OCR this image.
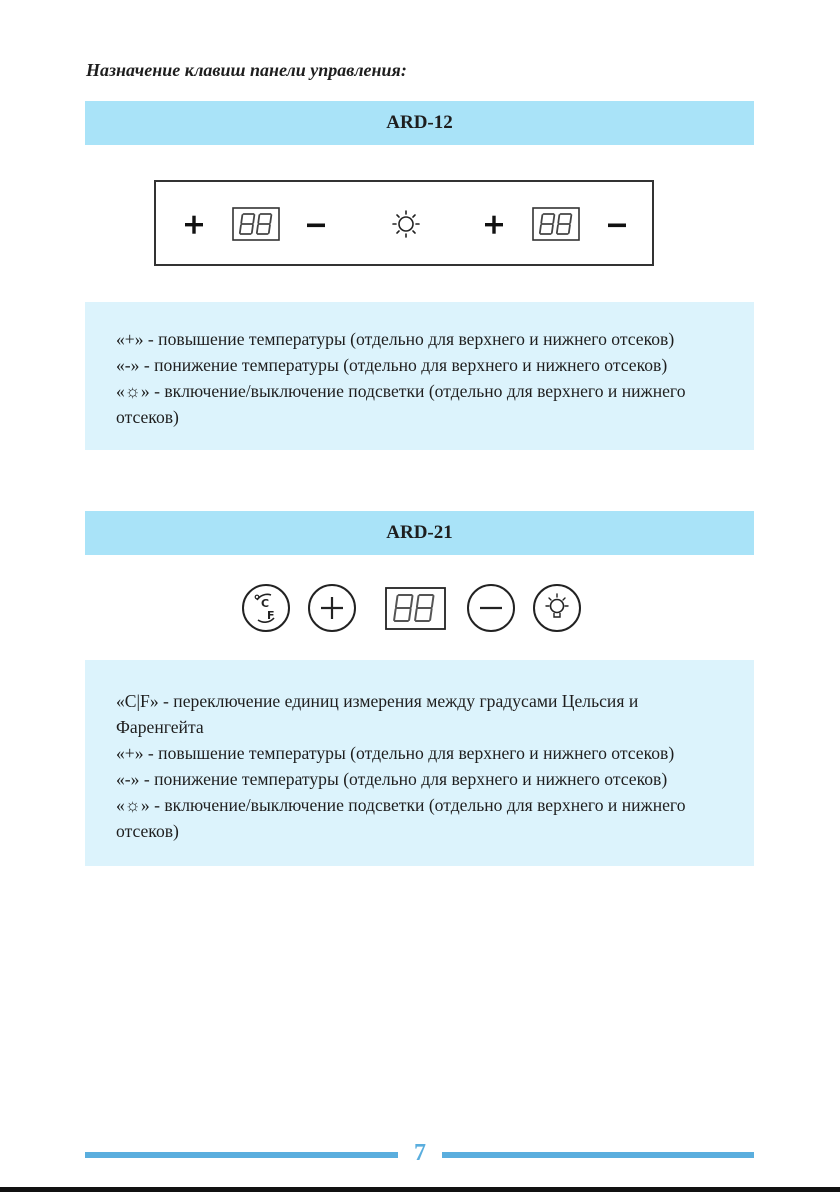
Назначение клавиш панели управления:
ARD-12

«+» - повышение температуры (отдельно для верхнего и нижнего отсеков)

«-» - понижение температуры (отдельно для верхнего и нижнего отсеков)

«☼» - включение/выключение подсветки (отдельно для верхнего и нижнего

отсеков)

ARD-21
C
F

«C|F» - переключение единиц измерения между градусами Цельсия и

Фаренгейта

«+» - повышение температуры (отдельно для верхнего и нижнего отсеков)

«-» - понижение температуры (отдельно для верхнего и нижнего отсеков)

«☼» - включение/выключение подсветки (отдельно для верхнего и нижнего

отсеков)

7
